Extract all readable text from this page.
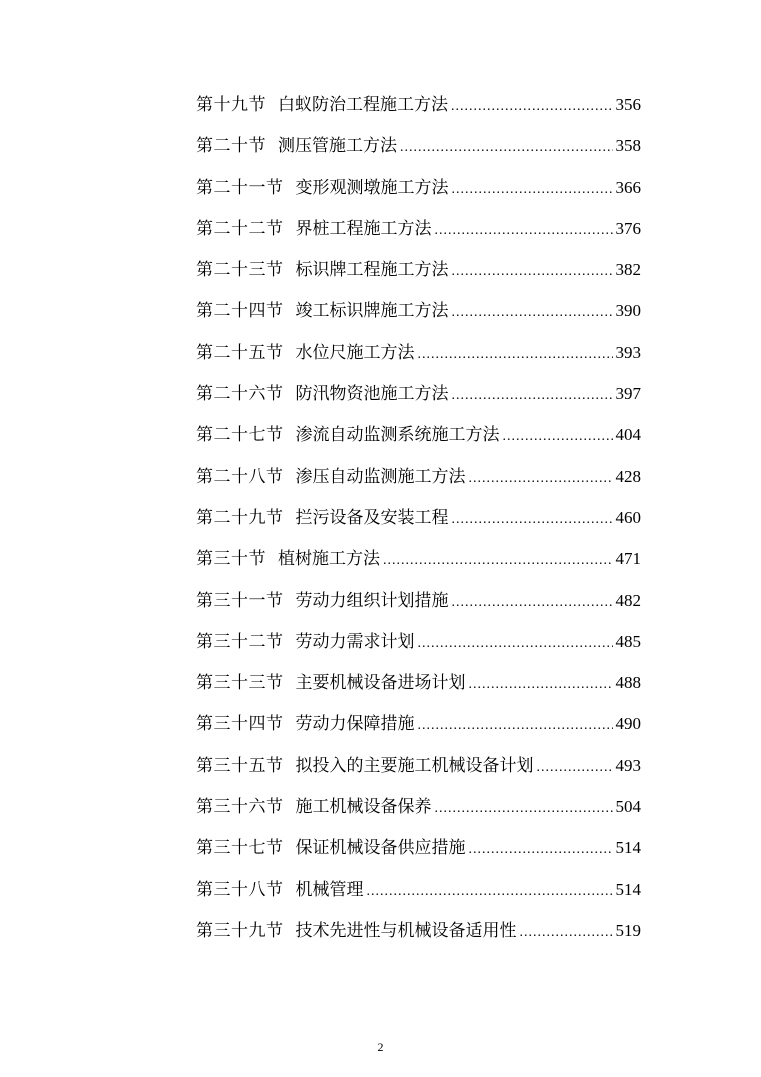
第十九节 白蚁防治工程施工方法 .....	356
第二十节 测压管施工方法 .....	358
第二十一节 变形观测墩施工方法 .....	366
第二十二节 界桩工程施工方法 .....	376
第二十三节 标识牌工程施工方法 .....	382
第二十四节 竣工标识牌施工方法 .....	390
第二十五节 水位尺施工方法 .....	393
第二十六节 防汛物资池施工方法 .....	397
第二十七节 渗流自动监测系统施工方法 .....	404
第二十八节 渗压自动监测施工方法 .....	428
第二十九节 拦污设备及安装工程 .....	460
第三十节 植树施工方法 .....	471
第三十一节 劳动力组织计划措施 .....	482
第三十二节 劳动力需求计划 .....	485
第三十三节 主要机械设备进场计划 .....	488
第三十四节 劳动力保障措施 .....	490
第三十五节 拟投入的主要施工机械设备计划 .....	493
第三十六节 施工机械设备保养 .....	504
第三十七节 保证机械设备供应措施 .....	514
第三十八节 机械管理 .....	514
第三十九节 技术先进性与机械设备适用性 .....	519
2
